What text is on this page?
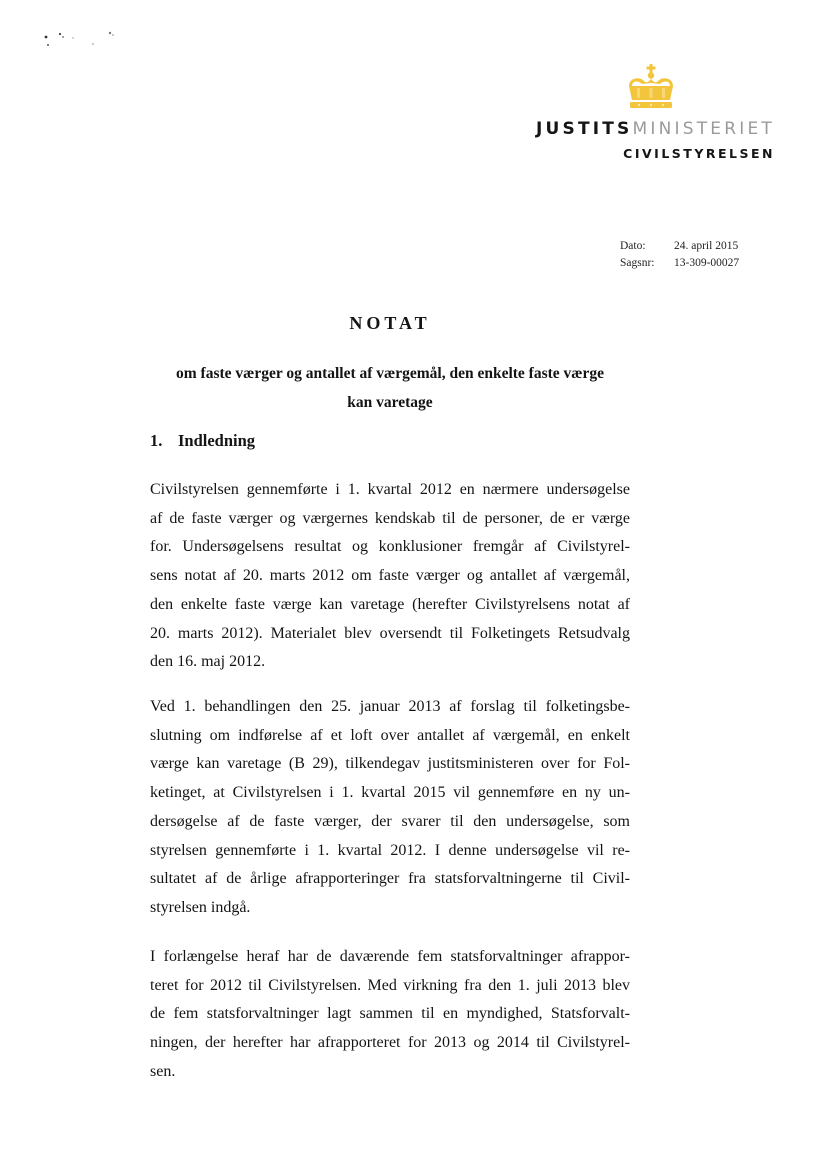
JUSTITSMINISTERIET
CIVILSTYRELSEN
Dato:	24. april 2015
Sagsnr:	13-309-00027
NOTAT
om faste værger og antallet af værgemål, den enkelte faste værge
kan varetage
1. Indledning
Civilstyrelsen gennemførte i 1. kvartal 2012 en nærmere undersøgelse
af de faste værger og værgernes kendskab til de personer, de er værge
for. Undersøgelsens resultat og konklusioner fremgår af Civilstyrel-
sens notat af 20. marts 2012 om faste værger og antallet af værgemål,
den enkelte faste værge kan varetage (herefter Civilstyrelsens notat af
20. marts 2012). Materialet blev oversendt til Folketingets Retsudvalg
den 16. maj 2012.
Ved 1. behandlingen den 25. januar 2013 af forslag til folketingsbe-
slutning om indførelse af et loft over antallet af værgemål, en enkelt
værge kan varetage (B 29), tilkendegav justitsministeren over for Fol-
ketinget, at Civilstyrelsen i 1. kvartal 2015 vil gennemføre en ny un-
dersøgelse af de faste værger, der svarer til den undersøgelse, som
styrelsen gennemførte i 1. kvartal 2012. I denne undersøgelse vil re-
sultatet af de årlige afrapporteringer fra statsforvaltningerne til Civil-
styrelsen indgå.
I forlængelse heraf har de daværende fem statsforvaltninger afrappor-
teret for 2012 til Civilstyrelsen. Med virkning fra den 1. juli 2013 blev
de fem statsforvaltninger lagt sammen til en myndighed, Statsforvalt-
ningen, der herefter har afrapporteret for 2013 og 2014 til Civilstyrel-
sen.
